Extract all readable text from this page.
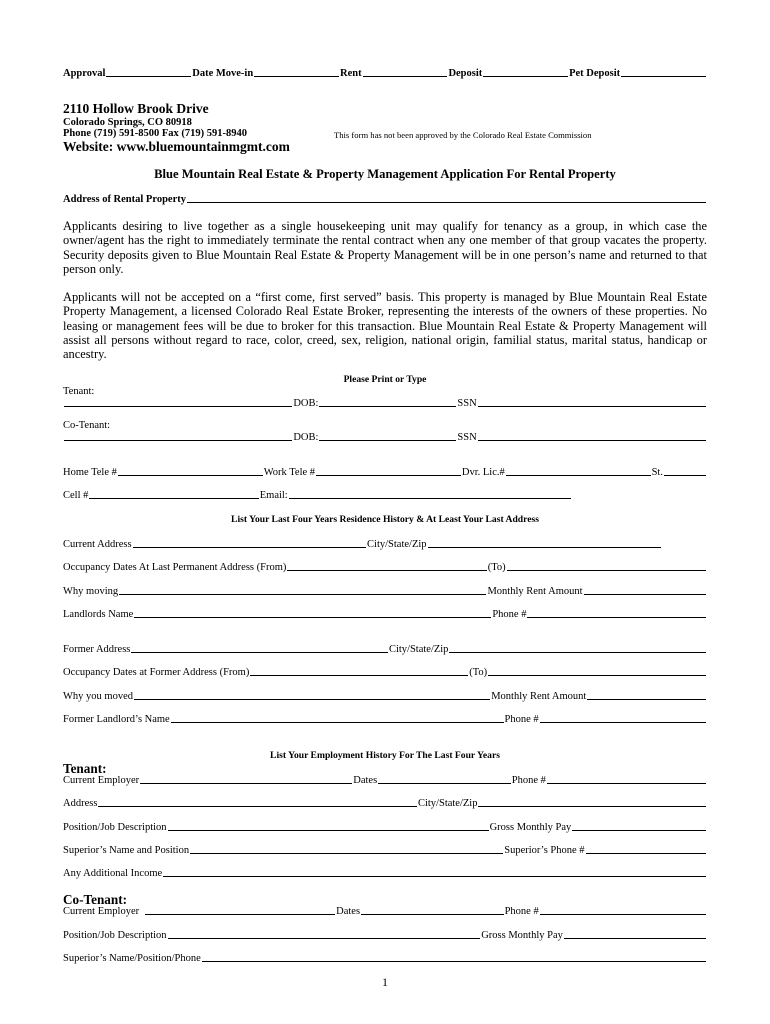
Approval	Date Move-in	Rent	Deposit	Pet Deposit
2110 Hollow Brook Drive
Colorado Springs, CO 80918
Phone (719) 591-8500 Fax (719) 591-8940	This form has not been approved by the Colorado Real Estate Commission
Website: www.bluemountainmgmt.com
Blue Mountain Real Estate & Property Management Application For Rental Property
Address of Rental Property
Applicants desiring to live together as a single housekeeping unit may qualify for tenancy as a group, in which case the owner/agent has the right to immediately terminate the rental contract when any one member of that group vacates the property. Security deposits given to Blue Mountain Real Estate & Property Management will be in one person’s name and returned to that person only.
Applicants will not be accepted on a “first come, first served” basis. This property is managed by Blue Mountain Real Estate Property Management, a licensed Colorado Real Estate Broker, representing the interests of the owners of these properties. No leasing or management fees will be due to broker for this transaction. Blue Mountain Real Estate & Property Management will assist all persons without regard to race, color, creed, sex, religion, national origin, familial status, marital status, handicap or ancestry.
Please Print or Type
Tenant:
DOB:	SSN
Co-Tenant:
DOB:	SSN
Home Tele #	Work Tele #	Dvr. Lic.#	St.
Cell #	Email:
List Your Last Four Years Residence History & At Least Your Last Address
Current Address	City/State/Zip
Occupancy Dates At Last Permanent Address (From)	(To)
Why moving	Monthly Rent Amount
Landlords Name	Phone #
Former Address	City/State/Zip
Occupancy Dates at Former Address (From)	(To)
Why you moved	Monthly Rent Amount
Former Landlord’s Name	Phone #
List Your Employment History For The Last Four Years
Tenant:
Current Employer	Dates	Phone #
Address	City/State/Zip
Position/Job Description	Gross Monthly Pay
Superior’s Name and Position	Superior’s Phone #
Any Additional Income
Co-Tenant:
Current Employer	Dates	Phone #
Position/Job Description	Gross Monthly Pay
Superior’s Name/Position/Phone
1
